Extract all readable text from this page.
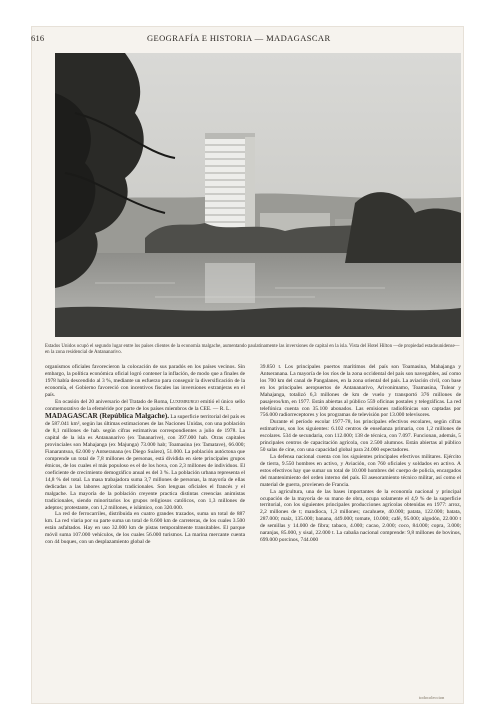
616	GEOGRAFÍA E HISTORIA — MADAGASCAR
Estados Unidos ocupó el segundo lugar entre los países clientes de la economía malgache, aumentando paulatinamente las inversiones de capital en la isla. Vista del Hotel Hilton —de propiedad estadounidense— en la zona residencial de Antananarivo.

organismos oficiales favorecieron la colocación de sus paradós en los países vecinos. Sin embargo, la política económica oficial logró contener la inflación, de modo que a finales de 1978 había descendido al 3 %, mediante un esfuerzo para conseguir la diversificación de la economía, el Gobierno favoreció con incentivos fiscales las inversiones extranjeras en el país.

En ocasión del 20 aniversario del Tratado de Roma, Luxemburgo emitió el único sello conmemorativo de la efeméride por parte de los países miembros de la CEE. — R. L.

MADAGASCAR (República Malgache). La superficie territorial del país es de 587.041 km², según las últimas estimaciones de las Naciones Unidas, con una población de 8,1 millones de hab. según cifras estimativas correspondientes a julio de 1978. La capital de la isla es Antananarivo (ex Tananarive), con 397.000 hab. Otras capitales provinciales son Mahajanga (ex Majunga) 73.000 hab; Toamasina (ex Tamatave), 66.000; Fianarantsoa, 62.000 y Antseranana (ex Diego Suárez), 51.000. La población autóctona que comprende un total de 7,8 millones de personas, está dividida en siete principales grupos étnicos, de los cuales el más populoso es el de los hova, con 2,3 millones de individuos. El coeficiente de crecimiento demográfico anual es del 3 %. La población urbana representa el 14,8 % del total. La masa trabajadora suma 3,7 millones de personas, la mayoría de ellas dedicadas a las labores agrícolas tradicionales. Son lenguas oficiales el francés y el malgache. La mayoría de la población creyente practica distintas creencias animistas tradicionales, siendo minoritarios los grupos religiosos católicos, con 1,3 millones de adeptos; protestante, con 1,2 millones, e islámico, con 320.000.

La red de ferrocarriles, distribuida en cuatro grandes trazados, suma un total de 887 km. La red viaria por su parte suma un total de 8.600 km de carreteras, de los cuales 3.500 están asfaltados. Hay en uso 32.000 km de pistas temporalmente transitables. El parque móvil suma 107.000 vehículos, de los cuales 56.000 turismos. La marina mercante cuenta con 44 buques, con un desplazamiento global de

39.850 t. Los principales puertos marítimos del país son Toamasina, Mahajanga y Antseranana. La mayoría de los ríos de la zona occidental del país son navegables, así como los 700 km del canal de Pangalanes, en la zona oriental del país. La aviación civil, con base en los principales aeropuertos de Antananarivo, Arivonimamo, Toamasina, Tulear y Mahajanga, totalizó 6,3 millones de km de vuelo y transportó 376 millones de pasajeros/km, en 1977. Están abiertas al público 559 oficinas postales y telegráficas. La red telefónica cuenta con 35.100 abonados. Las emisiones radiofónicas son captadas por 756.000 radiorreceptores y los programas de televisión por 13.000 televisores.

Durante el período escolar 1977-78, los principales efectivos escolares, según cifras estimativas, son los siguientes: 6.102 centros de enseñanza primaria, con 1,2 millones de escolares. 534 de secundaria, con 112.000; 138 de técnica, con 7.097. Funcionan, además, 5 principales centros de capacitación agrícola, con 2.500 alumnos. Están abiertas al público 50 salas de cine, con una capacidad global para 24.000 espectadores.

La defensa nacional cuenta con los siguientes principales efectivos militares. Ejército de tierra, 9.550 hombres en activo, y Aviación, con 760 oficiales y soldados en activo. A estos efectivos hay que sumar un total de 10.000 hombres del cuerpo de policía, encargados del mantenimiento del orden interno del país. El asesoramiento técnico militar, así como el material de guerra, provienen de Francia.

La agricultura, una de las bases importantes de la economía nacional y principal ocupación de la mayoría de su mano de obra, ocupa solamente el 4,9 % de la superficie territorial, con los siguientes principales producciones agrícolas obtenidas en 1977: arroz, 2,2 millones de t; mandioca, 1,3 millones; cacahuete, 40.000; patata, 122.000; batata, 287.000; maíz, 135.000; banana, 449.000; tomate, 10.000; café, 95.000; algodón, 22.000 t de semillas y 14.000 de fibra; tabaco, 4.000; cacao, 2.000; coco, 84.000; copra, 3.000; naranjas, 85.000, y sisal, 22.000 t. La cabaña nacional comprende: 9,8 millones de bovinos, 699.000 porcinos, 744.000

todocoleccion
